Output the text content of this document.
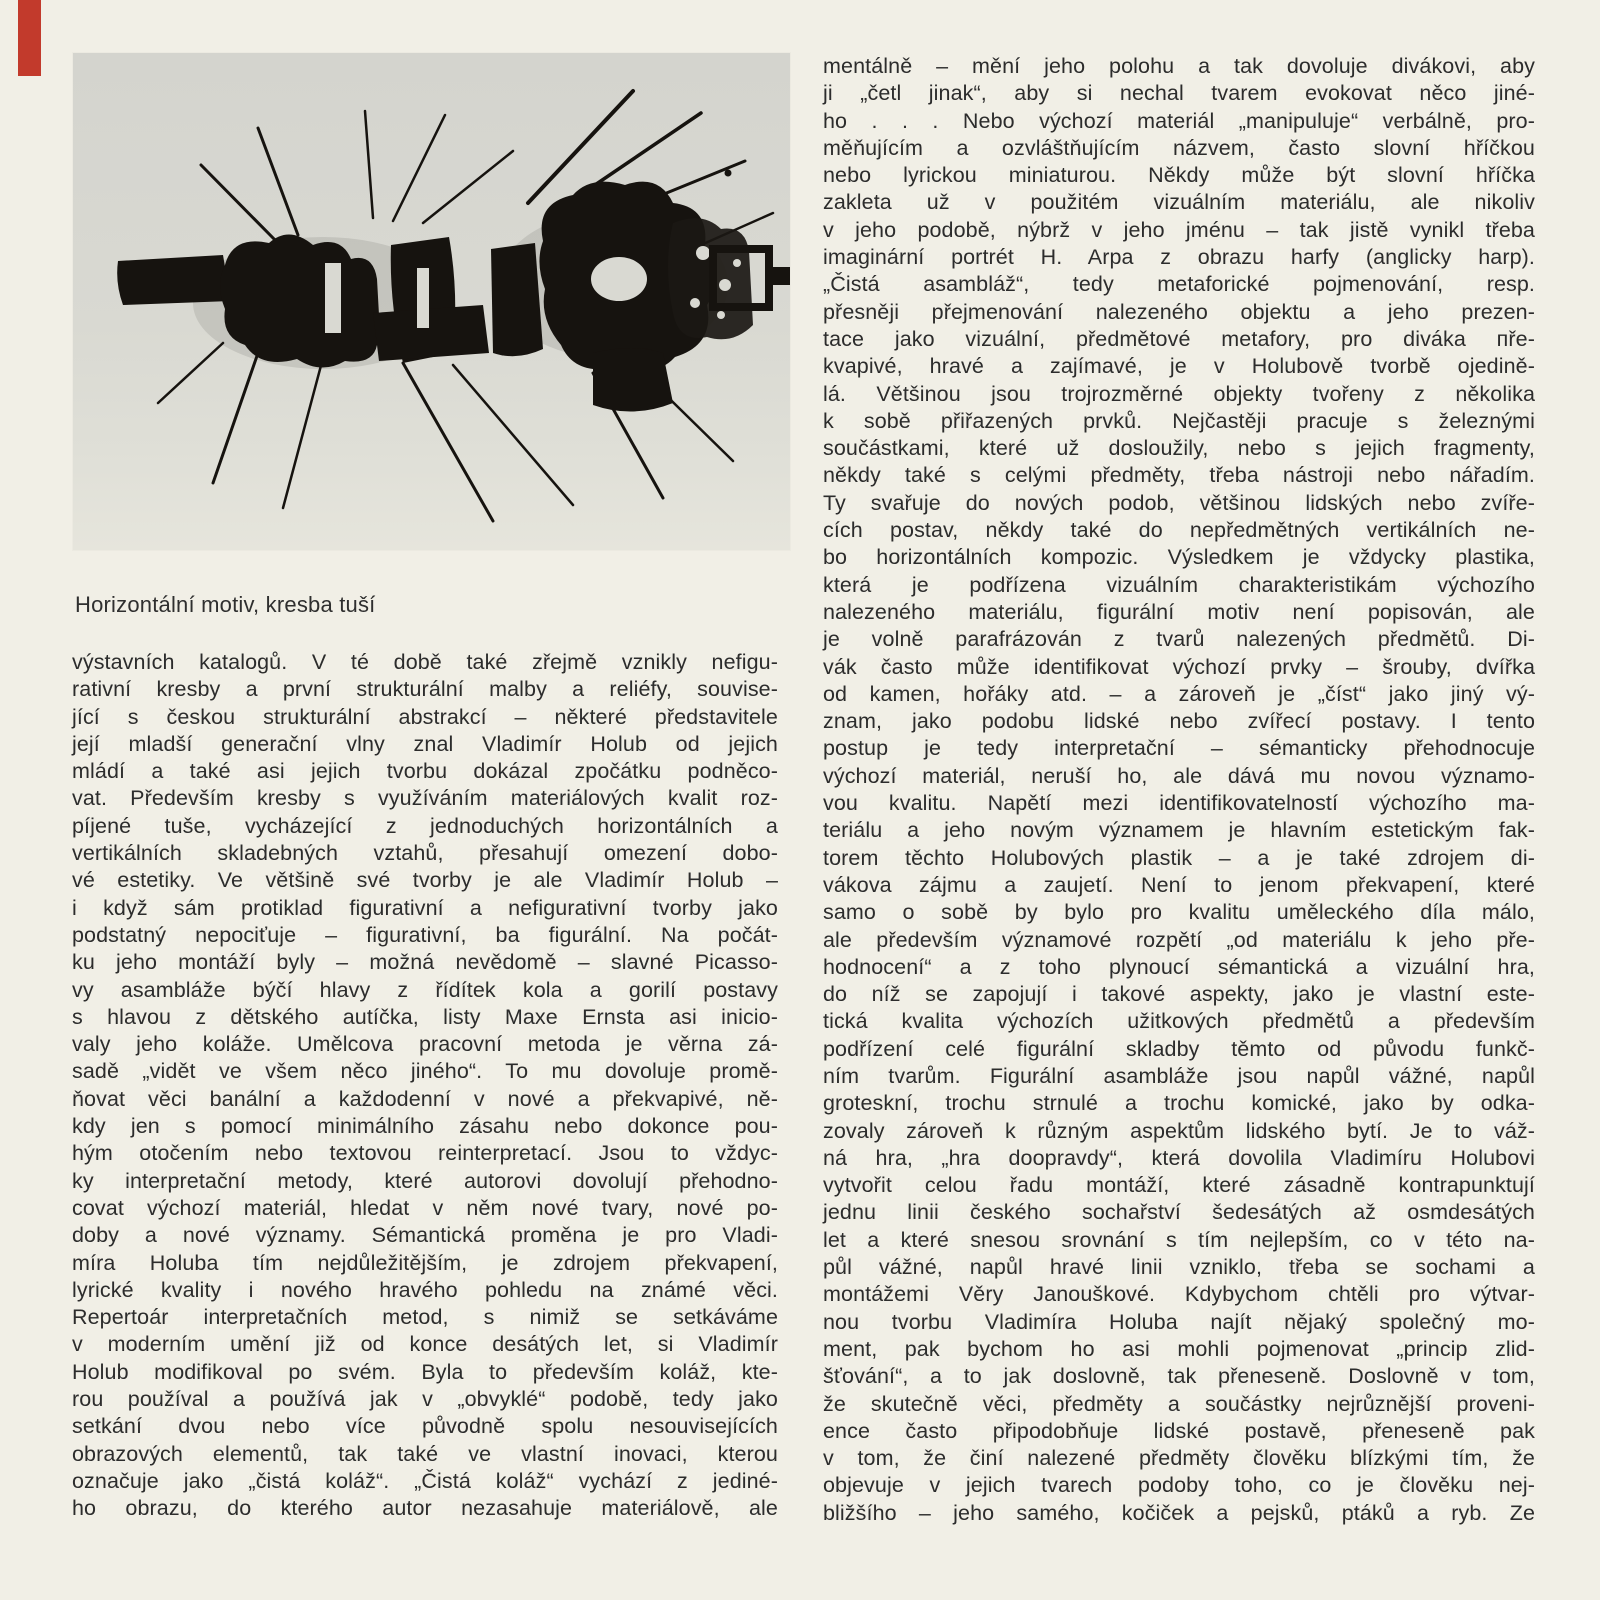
Horizontální motiv, kresba tuší
výstavních katalogů. V té době také zřejmě vznikly nefigu-
rativní kresby a první strukturální malby a reliéfy, souvise-
jící s českou strukturální abstrakcí – některé představitele
její mladší generační vlny znal Vladimír Holub od jejich
mládí a také asi jejich tvorbu dokázal zpočátku podněco-
vat. Především kresby s využíváním materiálových kvalit roz-
píjené tuše, vycházející z jednoduchých horizontálních a
vertikálních skladebných vztahů, přesahují omezení dobo-
vé estetiky. Ve většině své tvorby je ale Vladimír Holub –
i když sám protiklad figurativní a nefigurativní tvorby jako
podstatný nepociťuje – figurativní, ba figurální. Na počát-
ku jeho montáží byly – možná nevědomě – slavné Picasso-
vy asambláže býčí hlavy z řídítek kola a gorilí postavy
s hlavou z dětského autíčka, listy Maxe Ernsta asi inicio-
valy jeho koláže. Umělcova pracovní metoda je věrna zá-
sadě „vidět ve všem něco jiného“. To mu dovoluje promě-
ňovat věci banální a každodenní v nové a překvapivé, ně-
kdy jen s pomocí minimálního zásahu nebo dokonce pou-
hým otočením nebo textovou reinterpretací. Jsou to vždyc-
ky interpretační metody, které autorovi dovolují přehodno-
covat výchozí materiál, hledat v něm nové tvary, nové po-
doby a nové významy. Sémantická proměna je pro Vladi-
míra Holuba tím nejdůležitějším, je zdrojem překvapení,
lyrické kvality i nového hravého pohledu na známé věci.
Repertoár interpretačních metod, s nimiž se setkáváme
v moderním umění již od konce desátých let, si Vladimír
Holub modifikoval po svém. Byla to především koláž, kte-
rou používal a používá jak v „obvyklé“ podobě, tedy jako
setkání dvou nebo více původně spolu nesouvisejících
obrazových elementů, tak také ve vlastní inovaci, kterou
označuje jako „čistá koláž“. „Čistá koláž“ vychází z jediné-
ho obrazu, do kterého autor nezasahuje materiálově, ale
mentálně – mění jeho polohu a tak dovoluje divákovi, aby
ji „četl jinak“, aby si nechal tvarem evokovat něco jiné-
ho . . . Nebo výchozí materiál „manipuluje“ verbálně, pro-
měňujícím a ozvláštňujícím názvem, často slovní hříčkou
nebo lyrickou miniaturou. Někdy může být slovní hříčka
zakleta už v použitém vizuálním materiálu, ale nikoliv
v jeho podobě, nýbrž v jeho jménu – tak jistě vynikl třeba
imaginární portrét H. Arpa z obrazu harfy (anglicky harp).
„Čistá asambláž“, tedy metaforické pojmenování, resp.
přesněji přejmenování nalezeného objektu a jeho prezen-
tace jako vizuální, předmětové metafory, pro diváka пře-
kvapivé, hravé a zajímavé, je v Holubově tvorbě ojedině-
lá. Většinou jsou trojrozměrné objekty tvořeny z několika
k sobě přiřazených prvků. Nejčastěji pracuje s železnými
součástkami, které už dosloužily, nebo s jejich fragmenty,
někdy také s celými předměty, třeba nástroji nebo nářadím.
Ty svařuje do nových podob, většinou lidských nebo zvíře-
cích postav, někdy také do nepředmětných vertikálních ne-
bo horizontálních kompozic. Výsledkem je vždycky plastika,
která je podřízena vizuálním charakteristikám výchozího
nalezeného materiálu, figurální motiv není popisován, ale
je volně parafrázován z tvarů nalezených předmětů. Di-
vák často může identifikovat výchozí prvky – šrouby, dvířka
od kamen, hořáky atd. – a zároveň je „číst“ jako jiný vý-
znam, jako podobu lidské nebo zvířecí postavy. I tento
postup je tedy interpretační – sémanticky přehodnocuje
výchozí materiál, neruší ho, ale dává mu novou významo-
vou kvalitu. Napětí mezi identifikovatelností výchozího ma-
teriálu a jeho novým významem je hlavním estetickým fak-
torem těchto Holubových plastik – a je také zdrojem di-
vákova zájmu a zaujetí. Není to jenom překvapení, které
samo o sobě by bylo pro kvalitu uměleckého díla málo,
ale především významové rozpětí „od materiálu k jeho pře-
hodnocení“ a z toho plynoucí sémantická a vizuální hra,
do níž se zapojují i takové aspekty, jako je vlastní este-
tická kvalita výchozích užitkových předmětů a především
podřízení celé figurální skladby těmto od původu funkč-
ním tvarům. Figurální asambláže jsou napůl vážné, napůl
groteskní, trochu strnulé a trochu komické, jako by odka-
zovaly zároveň k různým aspektům lidského bytí. Je to váž-
ná hra, „hra doopravdy“, která dovolila Vladimíru Holubovi
vytvořit celou řadu montáží, které zásadně kontrapunktují
jednu linii českého sochařství šedesátých až osmdesátých
let a které snesou srovnání s tím nejlepším, co v této na-
půl vážné, napůl hravé linii vzniklo, třeba se sochami a
montážemi Věry Janouškové. Kdybychom chtěli pro výtvar-
nou tvorbu Vladimíra Holuba najít nějaký společný mo-
ment, pak bychom ho asi mohli pojmenovat „princip zlid-
šťování“, a to jak doslovně, tak přeneseně. Doslovně v tom,
že skutečně věci, předměty a součástky nejrůznější proveni-
ence často připodobňuje lidské postavě, přeneseně pak
v tom, že činí nalezené předměty člověku blízkými tím, že
objevuje v jejich tvarech podoby toho, co je člověku nej-
bližšího – jeho samého, kočiček a pejsků, ptáků a ryb. Ze
